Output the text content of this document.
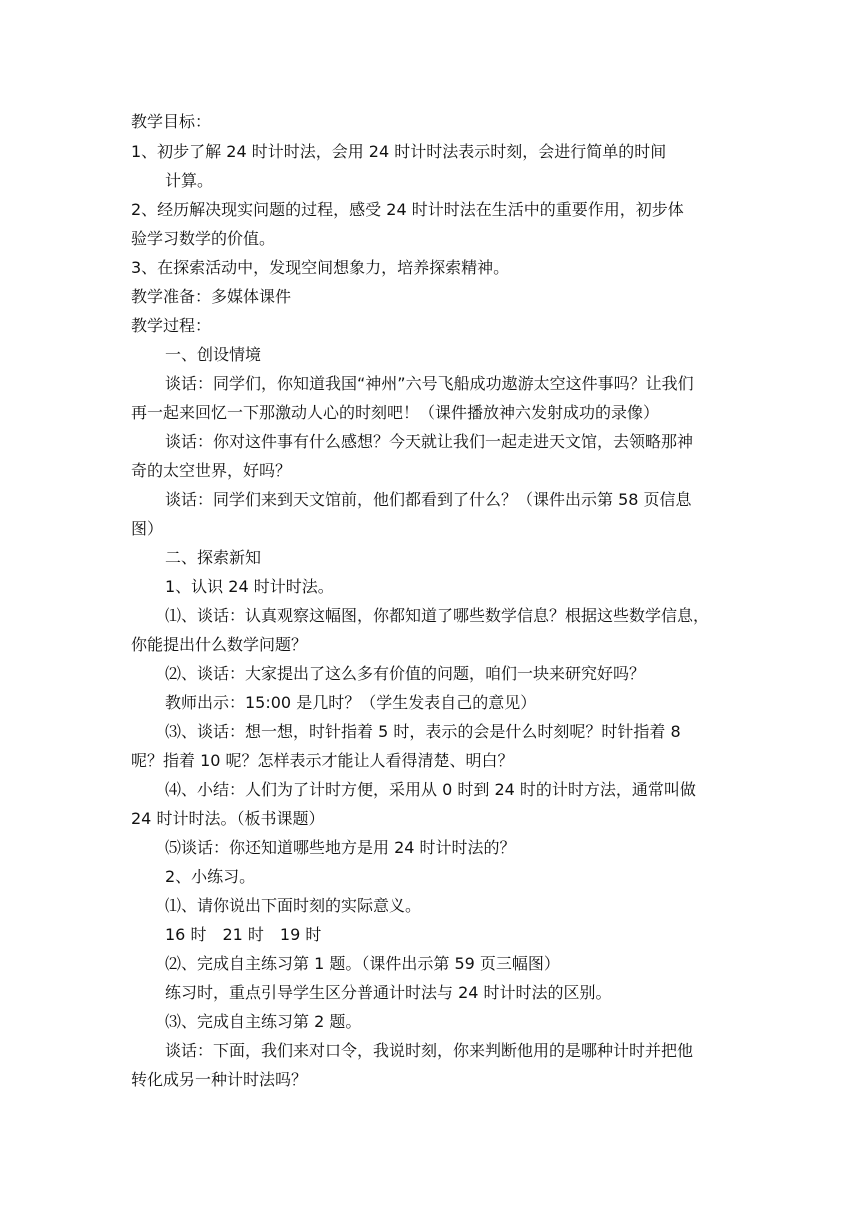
教学目标：
1、初步了解 24 时计时法，会用 24 时计时法表示时刻，会进行简单的时间
计算。
2、经历解决现实问题的过程，感受 24 时计时法在生活中的重要作用，初步体
验学习数学的价值。
3、在探索活动中，发现空间想象力，培养探索精神。
教学准备：多媒体课件
教学过程：
一、创设情境
谈话：同学们，你知道我国“神州”六号飞船成功遨游太空这件事吗？让我们
再一起来回忆一下那激动人心的时刻吧！（课件播放神六发射成功的录像）
谈话：你对这件事有什么感想？今天就让我们一起走进天文馆，去领略那神
奇的太空世界，好吗？
谈话：同学们来到天文馆前，他们都看到了什么？（课件出示第 58 页信息
图）
二、探索新知
1、认识 24 时计时法。
⑴、谈话：认真观察这幅图，你都知道了哪些数学信息？根据这些数学信息，
你能提出什么数学问题？
⑵、谈话：大家提出了这么多有价值的问题，咱们一块来研究好吗？
教师出示：15:00 是几时？（学生发表自己的意见）
⑶、谈话：想一想，时针指着 5 时，表示的会是什么时刻呢？时针指着 8
呢？指着 10 呢？怎样表示才能让人看得清楚、明白？
⑷、小结：人们为了计时方便，采用从 0 时到 24 时的计时方法，通常叫做
24 时计时法。（板书课题）
⑸谈话：你还知道哪些地方是用 24 时计时法的？
2、小练习。
⑴、请你说出下面时刻的实际意义。
16 时　21 时　19 时
⑵、完成自主练习第 1 题。（课件出示第 59 页三幅图）
练习时，重点引导学生区分普通计时法与 24 时计时法的区别。
⑶、完成自主练习第 2 题。
谈话：下面，我们来对口令，我说时刻，你来判断他用的是哪种计时并把他
转化成另一种计时法吗？
